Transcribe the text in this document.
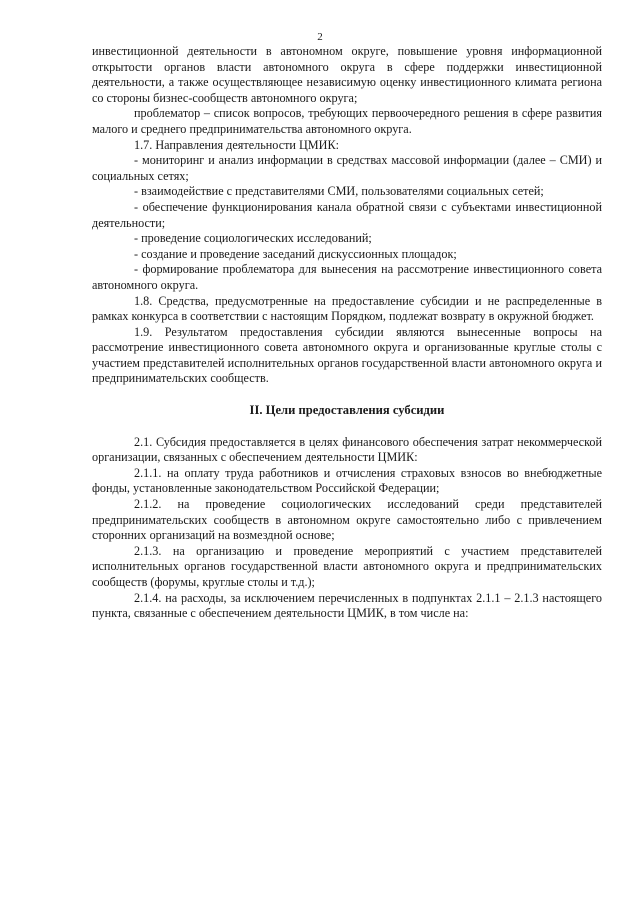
2

инвестиционной деятельности в автономном округе, повышение уровня информационной открытости органов власти автономного округа в сфере поддержки инвестиционной деятельности, а также осуществляющее независимую оценку инвестиционного климата региона со стороны бизнес-сообществ автономного округа;

проблематор – список вопросов, требующих первоочередного решения в сфере развития малого и среднего предпринимательства автономного округа.

1.7. Направления деятельности ЦМИК:

- мониторинг и анализ информации в средствах массовой информации (далее – СМИ) и социальных сетях;

- взаимодействие с представителями СМИ, пользователями социальных сетей;

- обеспечение функционирования канала обратной связи с субъектами инвестиционной деятельности;

- проведение социологических исследований;

- создание и проведение заседаний дискуссионных площадок;

- формирование проблематора для вынесения на рассмотрение инвестиционного совета автономного округа.

1.8. Средства, предусмотренные на предоставление субсидии и не распределенные в рамках конкурса в соответствии с настоящим Порядком, подлежат возврату в окружной бюджет.

1.9. Результатом предоставления субсидии являются вынесенные вопросы на рассмотрение инвестиционного совета автономного округа и организованные круглые столы с участием представителей исполнительных органов государственной власти автономного округа и предпринимательских сообществ.

II. Цели предоставления субсидии

2.1. Субсидия предоставляется в целях финансового обеспечения затрат некоммерческой организации, связанных с обеспечением деятельности ЦМИК:

2.1.1. на оплату труда работников и отчисления страховых взносов во внебюджетные фонды, установленные законодательством Российской Федерации;

2.1.2. на проведение социологических исследований среди представителей предпринимательских сообществ в автономном округе самостоятельно либо с привлечением сторонних организаций на возмездной основе;

2.1.3. на организацию и проведение мероприятий с участием представителей исполнительных органов государственной власти автономного округа и предпринимательских сообществ (форумы, круглые столы и т.д.);

2.1.4. на расходы, за исключением перечисленных в подпунктах 2.1.1 – 2.1.3 настоящего пункта, связанные с обеспечением деятельности ЦМИК, в том числе на:
